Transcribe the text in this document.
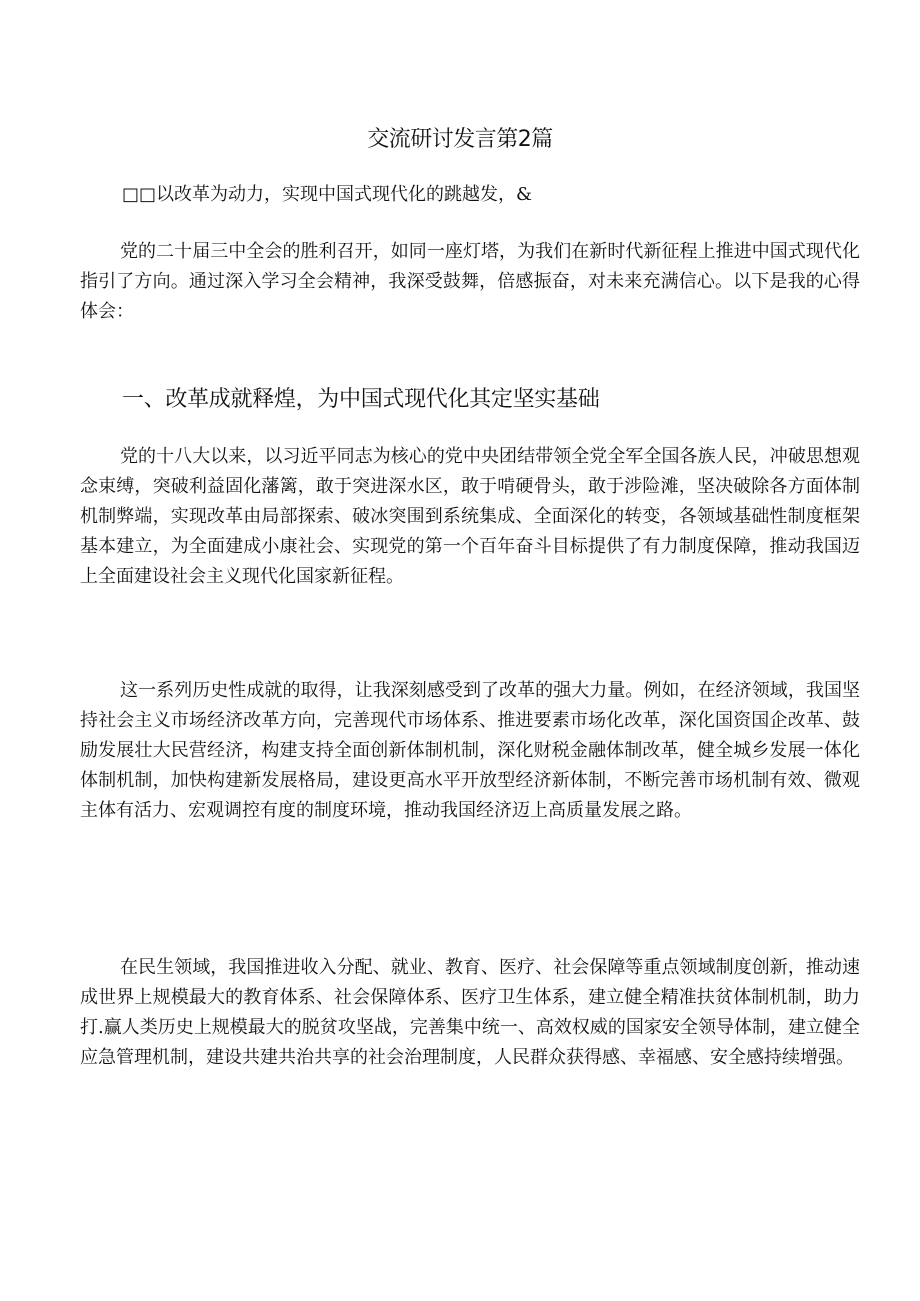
交流研讨发言第2篇
□□以改革为动力，实现中国式现代化的跳越发，&

党的二十届三中全会的胜利召开，如同一座灯塔，为我们在新时代新征程上推进中国式现代化指引了方向。通过深入学习全会精神，我深受鼓舞，倍感振奋，对未来充满信心。以下是我的心得体会：

一、改革成就释煌，为中国式现代化其定坚实基础

党的十八大以来，以习近平同志为核心的党中央团结带领全党全军全国各族人民，冲破思想观念束缚，突破利益固化藩篱，敢于突进深水区，敢于啃硬骨头，敢于涉险滩，坚决破除各方面体制机制弊端，实现改革由局部探索、破冰突围到系统集成、全面深化的转变，各领域基础性制度框架基本建立，为全面建成小康社会、实现党的第一个百年奋斗目标提供了有力制度保障，推动我国迈上全面建设社会主义现代化国家新征程。

这一系列历史性成就的取得，让我深刻感受到了改革的强大力量。例如，在经济领域，我国坚持社会主义市场经济改革方向，完善现代市场体系、推进要素市场化改革，深化国资国企改革、鼓励发展壮大民营经济，构建支持全面创新体制机制，深化财税金融体制改革，健全城乡发展一体化体制机制，加快构建新发展格局，建设更高水平开放型经济新体制，不断完善市场机制有效、微观主体有活力、宏观调控有度的制度环境，推动我国经济迈上高质量发展之路。

在民生领域，我国推进收入分配、就业、教育、医疗、社会保障等重点领域制度创新，推动速成世界上规模最大的教育体系、社会保障体系、医疗卫生体系，建立健全精准扶贫体制机制，助力打.赢人类历史上规模最大的脱贫攻坚战，完善集中统一、高效权威的国家安全领导体制，建立健全应急管理机制，建设共建共治共享的社会治理制度，人民群众获得感、幸福感、安全感持续增强。
